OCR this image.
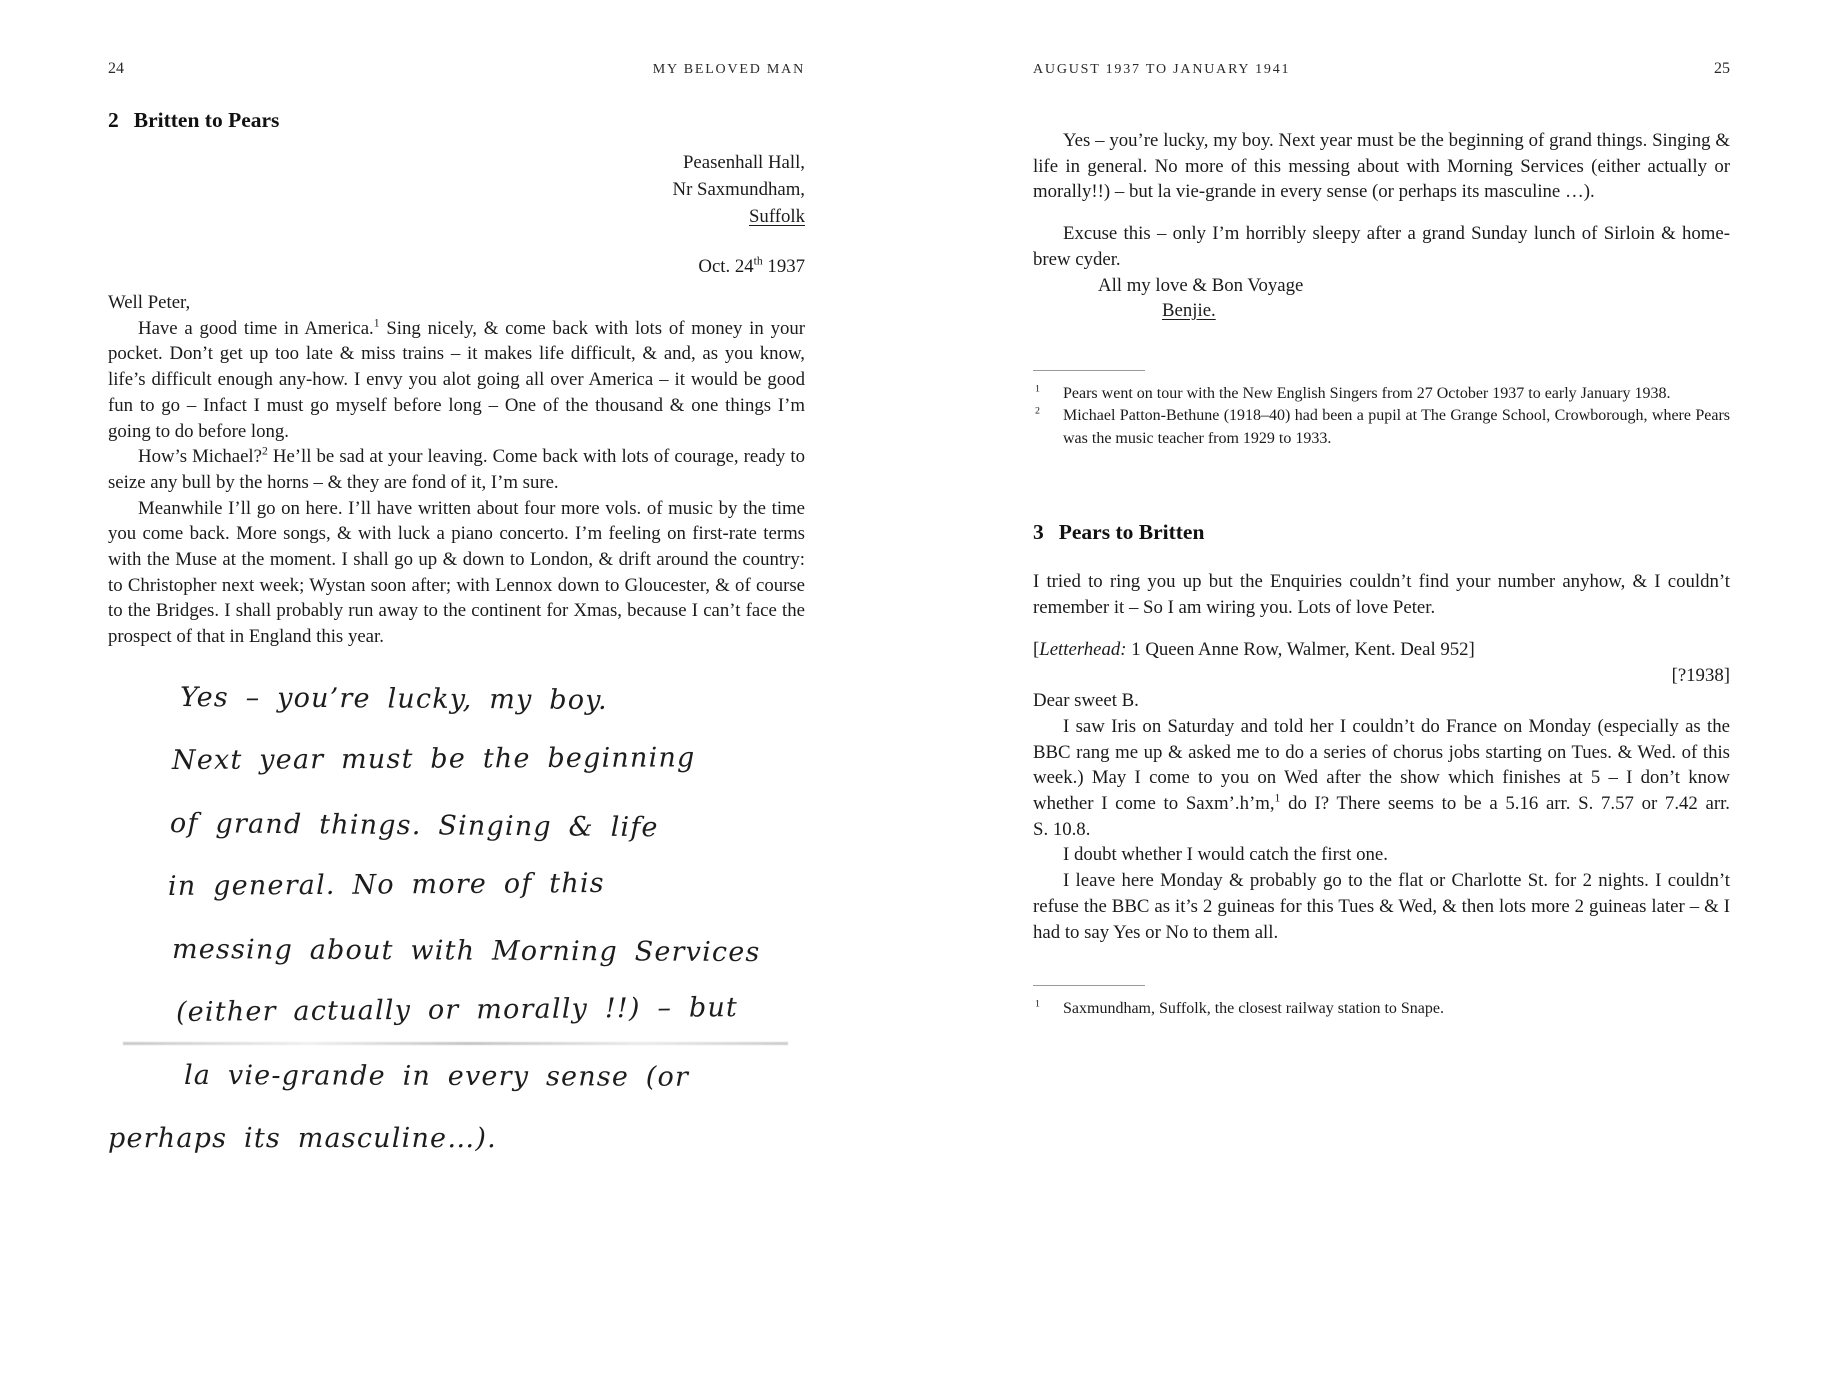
24	MY BELOVED MAN
2 Britten to Pears
Peasenhall Hall,
Nr Saxmundham,
Suffolk
Oct. 24th 1937

Well Peter,

Have a good time in America.$^1$ Sing nicely, & come back with lots of money in your pocket. Don’t get up too late & miss trains – it makes life difficult, & and, as you know, life’s difficult enough any-how. I envy you alot going all over America – it would be good fun to go – Infact I must go myself before long – One of the thousand & one things I’m going to do before long.

How’s Michael?$^2$ He’ll be sad at your leaving. Come back with lots of courage, ready to seize any bull by the horns – & they are fond of it, I’m sure.

Meanwhile I’ll go on here. I’ll have written about four more vols. of music by the time you come back. More songs, & with luck a piano concerto. I’m feeling on first-rate terms with the Muse at the moment. I shall go up & down to London, & drift around the country: to Christopher next week; Wystan soon after; with Lennox down to Gloucester, & of course to the Bridges. I shall probably run away to the continent for Xmas, because I can’t face the prospect of that in England this year.

Yes – you’re lucky, my boy.
Next year must be the beginning
of grand things. Singing & life
in general. No more of this
messing about with Morning Services
(either actually or morally !!) – but
la vie-grande in every sense (or
perhaps its masculine…).
AUGUST 1937 TO JANUARY 1941	25

Yes – you’re lucky, my boy. Next year must be the beginning of grand things. Singing & life in general. No more of this messing about with Morning Services (either actually or morally!!) – but la vie-grande in every sense (or perhaps its masculine …).

Excuse this – only I’m horribly sleepy after a grand Sunday lunch of Sirloin & home-brew cyder.

All my love & Bon Voyage
Benjie.
$^1$ Pears went on tour with the New English Singers from 27 October 1937 to early January 1938.
$^2$ Michael Patton-Bethune (1918–40) had been a pupil at The Grange School, Crowborough, where Pears was the music teacher from 1929 to 1933.
3 Pears to Britten

I tried to ring you up but the Enquiries couldn’t find your number anyhow, & I couldn’t remember it – So I am wiring you. Lots of love Peter.

[Letterhead: 1 Queen Anne Row, Walmer, Kent. Deal 952]

[?1938]

Dear sweet B.

I saw Iris on Saturday and told her I couldn’t do France on Monday (especially as the BBC rang me up & asked me to do a series of chorus jobs starting on Tues. & Wed. of this week.) May I come to you on Wed after the show which finishes at 5 – I don’t know whether I come to Saxm’.h’m,$^1$ do I? There seems to be a 5.16 arr. S. 7.57 or 7.42 arr. S. 10.8.

I doubt whether I would catch the first one.

I leave here Monday & probably go to the flat or Charlotte St. for 2 nights. I couldn’t refuse the BBC as it’s 2 guineas for this Tues & Wed, & then lots more 2 guineas later – & I had to say Yes or No to them all.

$^1$ Saxmundham, Suffolk, the closest railway station to Snape.
